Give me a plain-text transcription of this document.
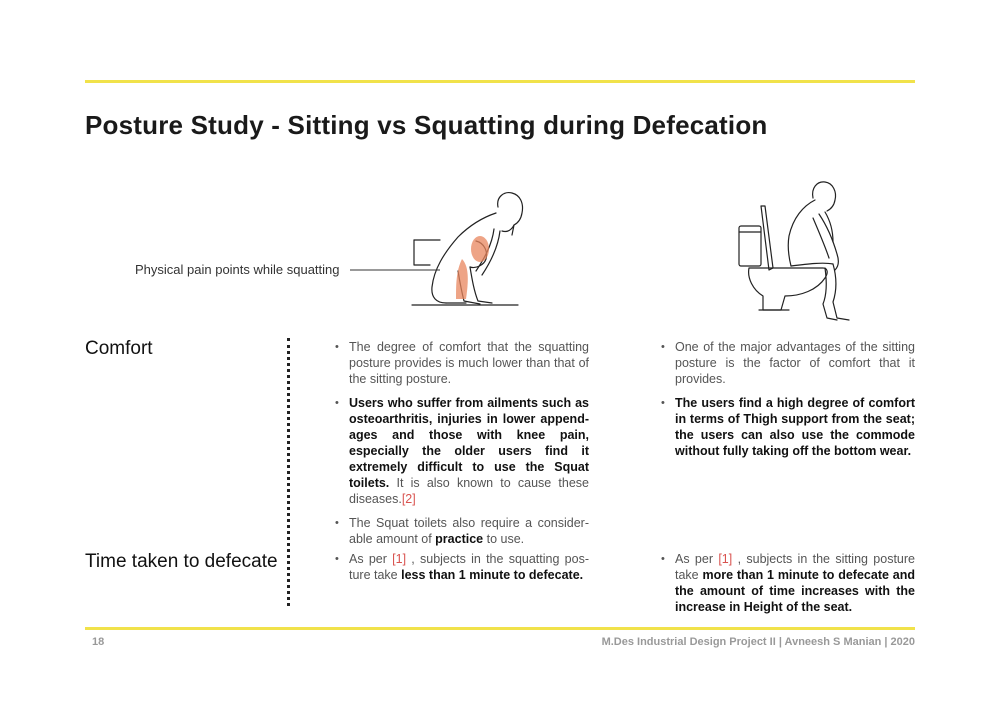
Posture Study - Sitting vs Squatting during Defecation
Physical pain points while squatting
Comfort
Time taken to defecate

• The degree of comfort that the squatting posture provides is much lower than that of the sitting posture.

• Users who suffer from ailments such as osteoarthritis, injuries in lower append-ages and those with knee pain, especially the older users find it extremely difficult to use the Squat toilets. It is also known to cause these diseases.[2]

• The Squat toilets also require a consider-able amount of practice to use.

• As per [1] , subjects in the squatting pos-ture take less than 1 minute to defecate.

• One of the major advantages of the sitting posture is the factor of comfort that it provides.

• The users find a high degree of comfort in terms of Thigh support from the seat; the users can also use the commode without fully taking off the bottom wear.

• As per [1] , subjects in the sitting posture take more than 1 minute to defecate and the amount of time increases with the increase in Height of the seat.

18	M.Des Industrial Design Project II | Avneesh S Manian | 2020
